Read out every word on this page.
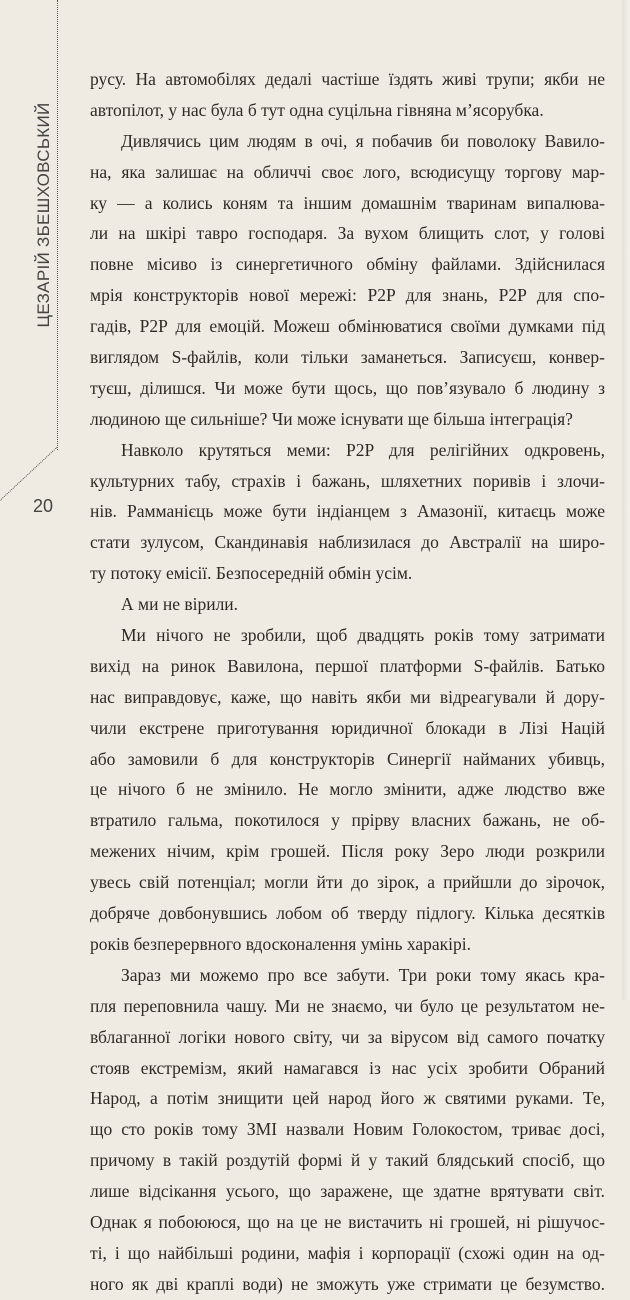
ЦЕЗАРІЙ ЗБЕШХОВСЬКИЙ
20
русу. На автомобілях дедалі частіше їздять живі трупи; якби не
автопілот, у нас була б тут одна суцільна гівняна м’ясорубка.
Дивлячись цим людям в очі, я побачив би поволоку Вавило-
на, яка залишає на обличчі своє лого, всюдисущу торгову мар-
ку — а колись коням та іншим домашнім тваринам випалюва-
ли на шкірі тавро господаря. За вухом блищить слот, у голові
повне місиво із синергетичного обміну файлами. Здійснилася
мрія конструкторів нової мережі: P2P для знань, P2P для спо-
гадів, P2P для емоцій. Можеш обмінюватися своїми думками під
виглядом S-файлів, коли тільки заманеться. Записуєш, конвер-
туєш, ділишся. Чи може бути щось, що пов’язувало б людину з
людиною ще сильніше? Чи може існувати ще більша інтеграція?
Навколо крутяться меми: P2P для релігійних одкровень,
культурних табу, страхів і бажань, шляхетних поривів і злочи-
нів. Рамманієць може бути індіанцем з Амазонії, китаєць може
стати зулусом, Скандинавія наблизилася до Австралії на широ-
ту потоку емісії. Безпосередній обмін усім.
А ми не вірили.
Ми нічого не зробили, щоб двадцять років тому затримати
вихід на ринок Вавилона, першої платформи S-файлів. Батько
нас виправдовує, каже, що навіть якби ми відреагували й дору-
чили екстрене приготування юридичної блокади в Лізі Націй
або замовили б для конструкторів Синергії найманих убивць,
це нічого б не змінило. Не могло змінити, адже людство вже
втратило гальма, покотилося у прірву власних бажань, не об-
межених нічим, крім грошей. Після року Зеро люди розкрили
увесь свій потенціал; могли йти до зірок, а прийшли до зірочок,
добряче довбонувшись лобом об тверду підлогу. Кілька десятків
років безперервного вдосконалення умінь харакірі.
Зараз ми можемо про все забути. Три роки тому якась кра-
пля переповнила чашу. Ми не знаємо, чи було це результатом не-
вблаганної логіки нового світу, чи за вірусом від самого початку
стояв екстремізм, який намагався із нас усіх зробити Обраний
Народ, а потім знищити цей народ його ж святими руками. Те,
що сто років тому ЗМІ назвали Новим Голокостом, триває досі,
причому в такій роздутій формі й у такий блядський спосіб, що
лише відсікання усього, що заражене, ще здатне врятувати світ.
Однак я побоююся, що на це не вистачить ні грошей, ні рішучос-
ті, і що найбільші родини, мафія і корпорації (схожі один на од-
ного як дві краплі води) не зможуть уже стримати це безумство.
